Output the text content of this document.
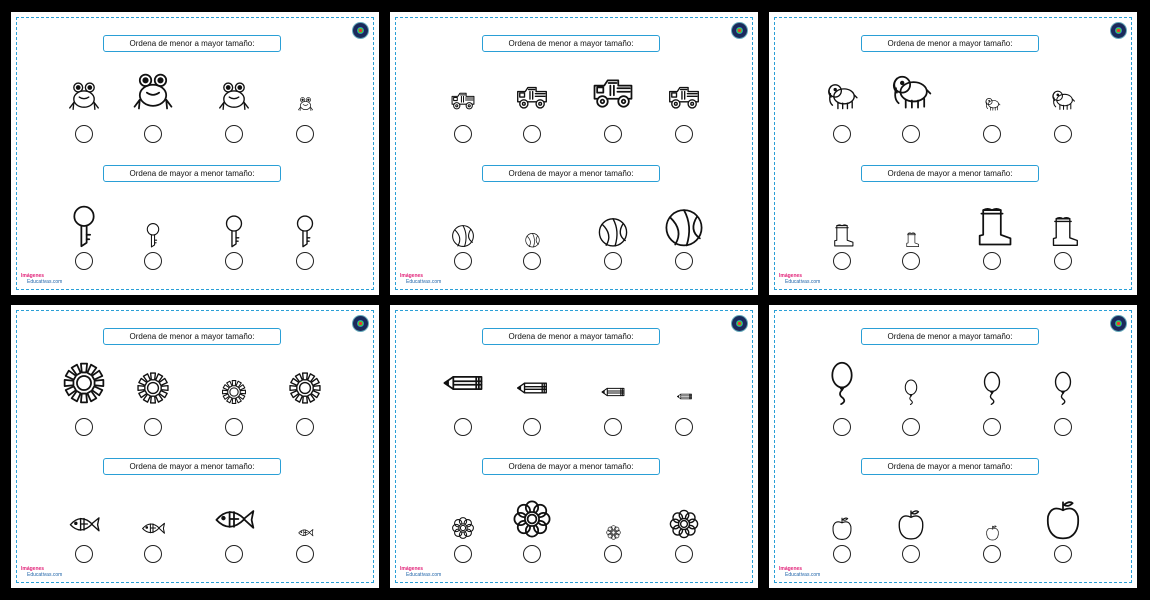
Ordena de menor a mayor tamaño:
Ordena de mayor a menor tamaño:
Imágenes
Educativas.com
Ordena de menor a mayor tamaño:
Ordena de mayor a menor tamaño:
Imágenes
Educativas.com
Ordena de menor a mayor tamaño:
Ordena de mayor a menor tamaño:
Imágenes
Educativas.com
Ordena de menor a mayor tamaño:
Ordena de mayor a menor tamaño:
Imágenes
Educativas.com
Ordena de menor a mayor tamaño:
Ordena de mayor a menor tamaño:
Imágenes
Educativas.com
Ordena de menor a mayor tamaño:
Ordena de mayor a menor tamaño:
Imágenes
Educativas.com
